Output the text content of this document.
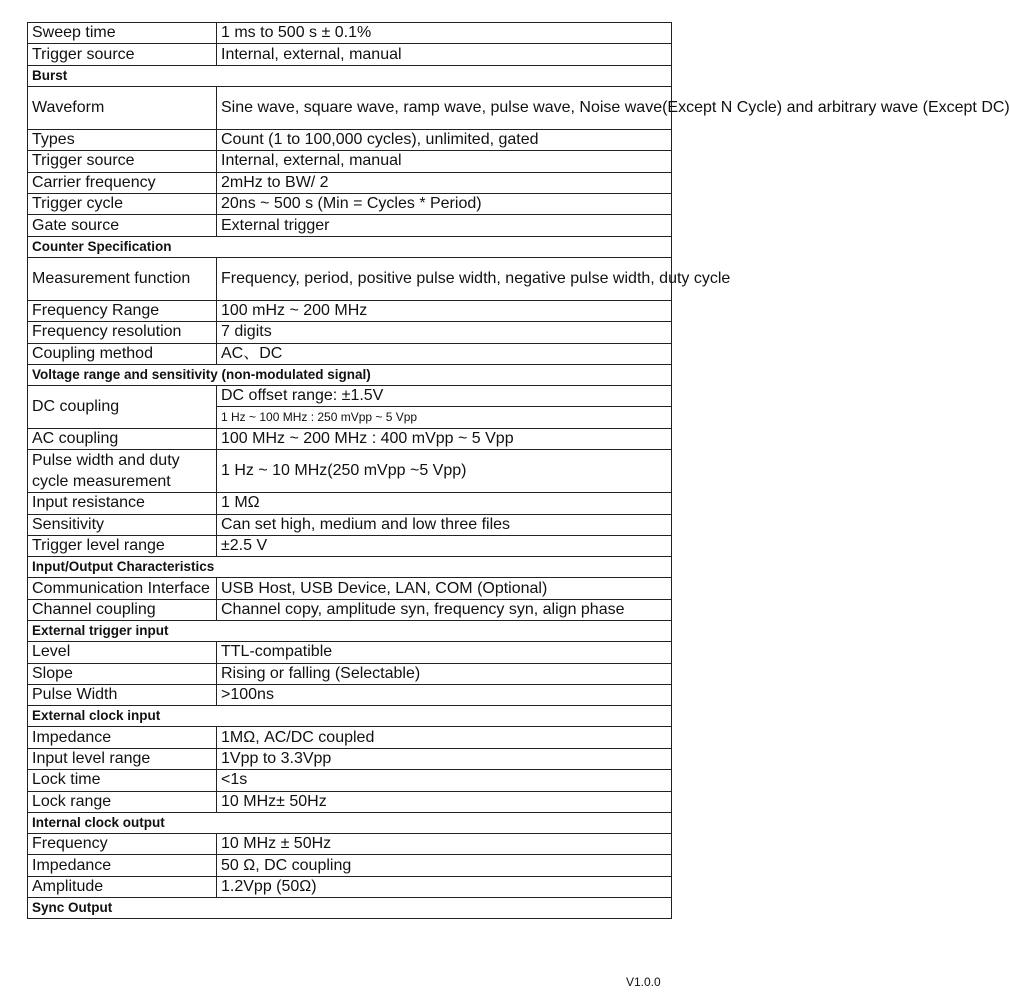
Sweep time	1 ms to 500 s ± 0.1%
Trigger source	Internal, external, manual
Burst	
Waveform	Sine wave, square wave, ramp wave, pulse wave, Noise wave(Except N Cycle) and arbitrary wave (Except DC)
Types	Count (1 to 100,000 cycles), unlimited, gated
Trigger source	Internal, external, manual
Carrier frequency	2mHz to BW/ 2
Trigger cycle	20ns ~ 500 s (Min = Cycles * Period)
Gate source	External trigger
Counter Specification	
Measurement function	Frequency, period, positive pulse width, negative pulse width, duty cycle
Frequency Range	100 mHz ~ 200 MHz
Frequency resolution	7 digits
Coupling method	AC、DC
Voltage range and sensitivity (non-modulated signal)	
DC coupling	DC offset range: ±1.5V
1 Hz ~ 100 MHz : 250 mVpp ~ 5 Vpp

AC coupling	100 MHz ~ 200 MHz : 400 mVpp ~ 5 Vpp
Pulse width and duty cycle measurement	1 Hz ~ 10 MHz(250 mVpp ~5 Vpp)
Input resistance	1 MΩ
Sensitivity	Can set high, medium and low three files
Trigger level range	±2.5 V
Input/Output Characteristics	
Communication Interface	USB Host, USB Device, LAN, COM (Optional)
Channel coupling	Channel copy, amplitude syn, frequency syn, align phase
External trigger input	
Level	TTL-compatible
Slope	Rising or falling (Selectable)
Pulse Width	>100ns
External clock input	
Impedance	1MΩ, AC/DC coupled
Input level range	1Vpp to 3.3Vpp
Lock time	<1s
Lock range	10 MHz± 50Hz
Internal clock output	
Frequency	10 MHz ± 50Hz
Impedance	50 Ω, DC coupling
Amplitude	1.2Vpp (50Ω)
Sync Output	
V1.0.0
